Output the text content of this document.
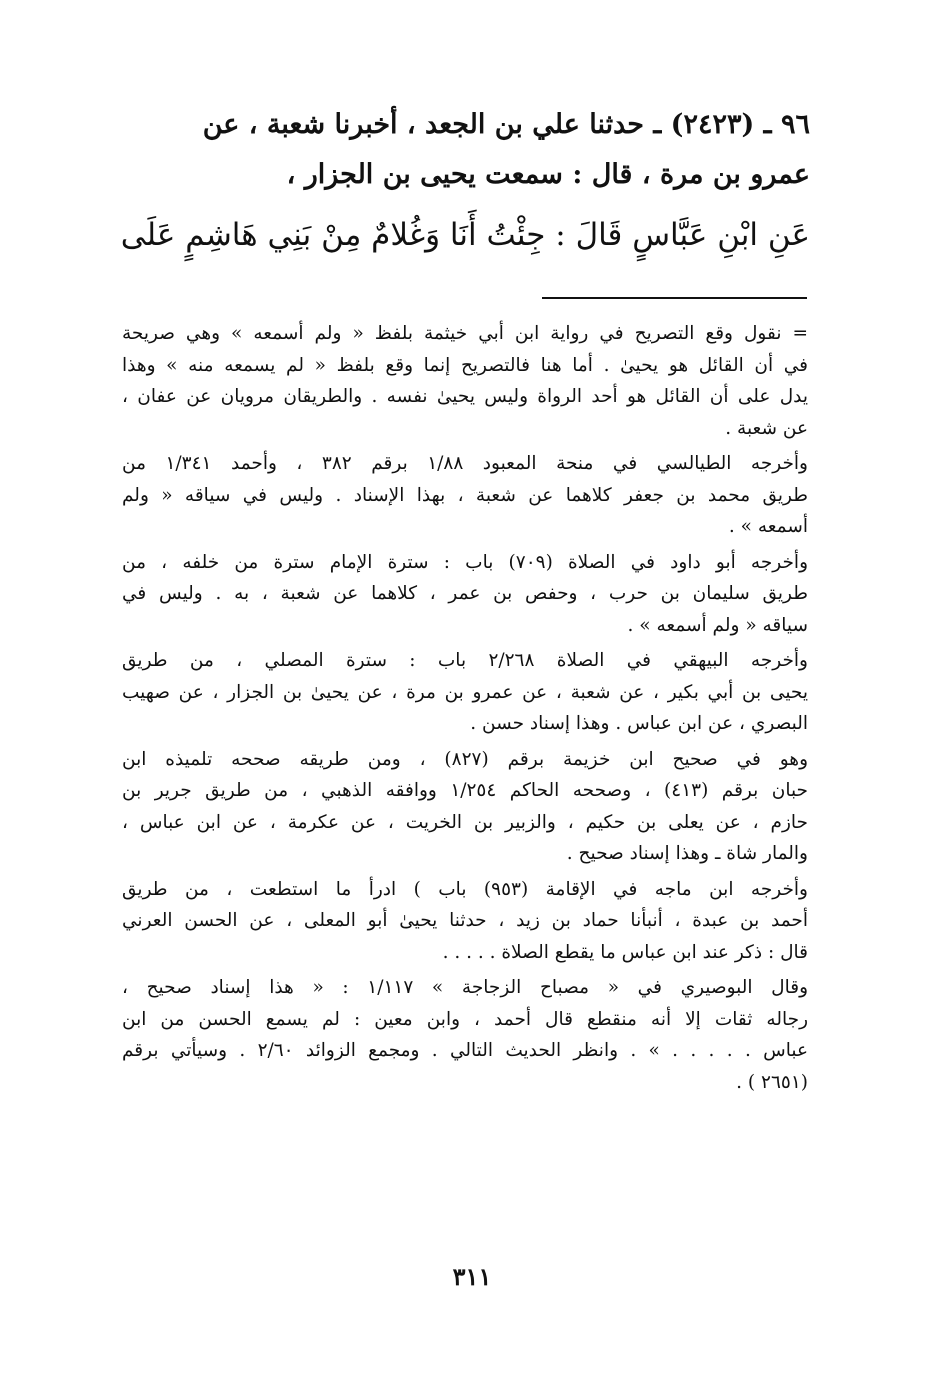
٩٦ ـ (٢٤٢٣) ـ حدثنا علي بن الجعد ، أخبرنا شعبة ، عن
عمرو بن مرة ، قال : سمعت يحيى بن الجزار ،
عَنِ ابْنِ عَبَّاسٍ قَالَ : جِئْتُ أَنَا وَغُلامٌ مِنْ بَنِي هَاشِمٍ عَلَى
= نقول وقع التصريح في رواية ابن أبي خيثمة بلفظ « ولم أسمعه » وهي صريحة
في أن القائل هو يحيىٰ . أما هنا فالتصريح إنما وقع بلفظ « لم يسمعه منه » وهذا
يدل على أن القائل هو أحد الرواة وليس يحيىٰ نفسه . والطريقان مرويان عن عفان ،
عن شعبة .
وأخرجه الطيالسي في منحة المعبود ١/٨٨ برقم ٣٨٢ ، وأحمد ١/٣٤١ من
طريق محمد بن جعفر كلاهما عن شعبة ، بهذا الإسناد . وليس في سياقه « ولم
أسمعه » .
وأخرجه أبو داود في الصلاة (٧٠٩) باب : سترة الإمام سترة من خلفه ، من
طريق سليمان بن حرب ، وحفص بن عمر ، كلاهما عن شعبة ، به . وليس في
سياقه « ولم أسمعه » .
وأخرجه البيهقي في الصلاة ٢/٢٦٨ باب : سترة المصلي ، من طريق
يحيى بن أبي بكير ، عن شعبة ، عن عمرو بن مرة ، عن يحيىٰ بن الجزار ، عن صهيب
البصري ، عن ابن عباس . وهذا إسناد حسن .
وهو في صحيح ابن خزيمة برقم (٨٢٧) ، ومن طريقه صححه تلميذه ابن
حبان برقم (٤١٣) ، وصححه الحاكم ١/٢٥٤ ووافقه الذهبي ، من طريق جرير بن
حازم ، عن يعلى بن حكيم ، والزبير بن الخريت ، عن عكرمة ، عن ابن عباس ،
والمار شاة ـ وهذا إسناد صحيح .
وأخرجه ابن ماجه في الإقامة (٩٥٣) باب ) ادرأ ما استطعت ، من طريق
أحمد بن عبدة ، أنبأنا حماد بن زيد ، حدثنا يحيىٰ أبو المعلى ، عن الحسن العرني
قال : ذكر عند ابن عباس ما يقطع الصلاة . . . . .
وقال البوصيري في « مصباح الزجاجة » ١/١١٧ : « هذا إسناد صحيح ،
رجاله ثقات إلا أنه منقطع قال أحمد ، وابن معين : لم يسمع الحسن من ابن
عباس . . . . . » . وانظر الحديث التالي . ومجمع الزوائد ٢/٦٠ . وسيأتي برقم
(٢٦٥١ ) .
٣١١
